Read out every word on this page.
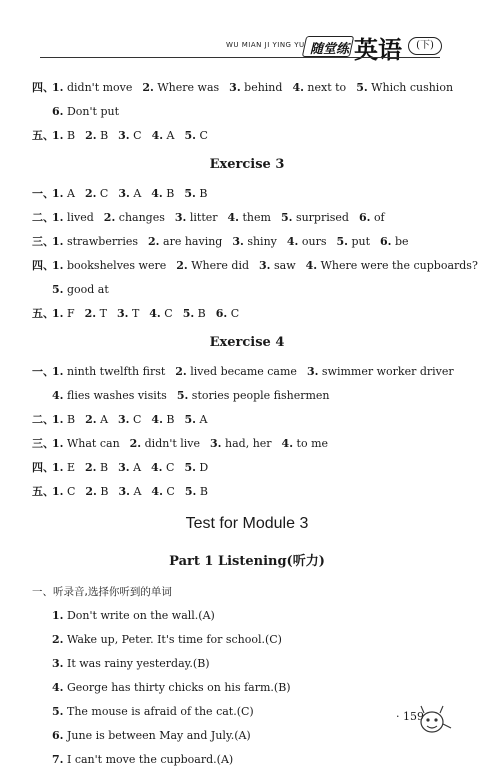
WU MIAN JI YING YU 随堂练 英语	(下)
四、1. didn't move 2. Where was 3. behind 4. next to 5. Which cushion
6. Don't put
五、1. B 2. B 3. C 4. A 5. C
Exercise 3
一、1. A 2. C 3. A 4. B 5. B
二、1. lived 2. changes 3. litter 4. them 5. surprised 6. of
三、1. strawberries 2. are having 3. shiny 4. ours 5. put 6. be
四、1. bookshelves were 2. Where did 3. saw 4. Where were the cupboards?
5. good at
五、1. F 2. T 3. T 4. C 5. B 6. C
Exercise 4
一、1. ninth twelfth first 2. lived became came 3. swimmer worker driver
4. flies washes visits 5. stories people fishermen
二、1. B 2. A 3. C 4. B 5. A
三、1. What can 2. didn't live 3. had, her 4. to me
四、1. E 2. B 3. A 4. C 5. D
五、1. C 2. B 3. A 4. C 5. B
Test for Module 3
Part 1 Listening(听力)
一、听录音,选择你听到的单词
1. Don't write on the wall.(A)
2. Wake up, Peter. It's time for school.(C)
3. It was rainy yesterday.(B)
4. George has thirty chicks on his farm.(B)
5. The mouse is afraid of the cat.(C)
6. June is between May and July.(A)
7. I can't move the cupboard.(A)
· 159
